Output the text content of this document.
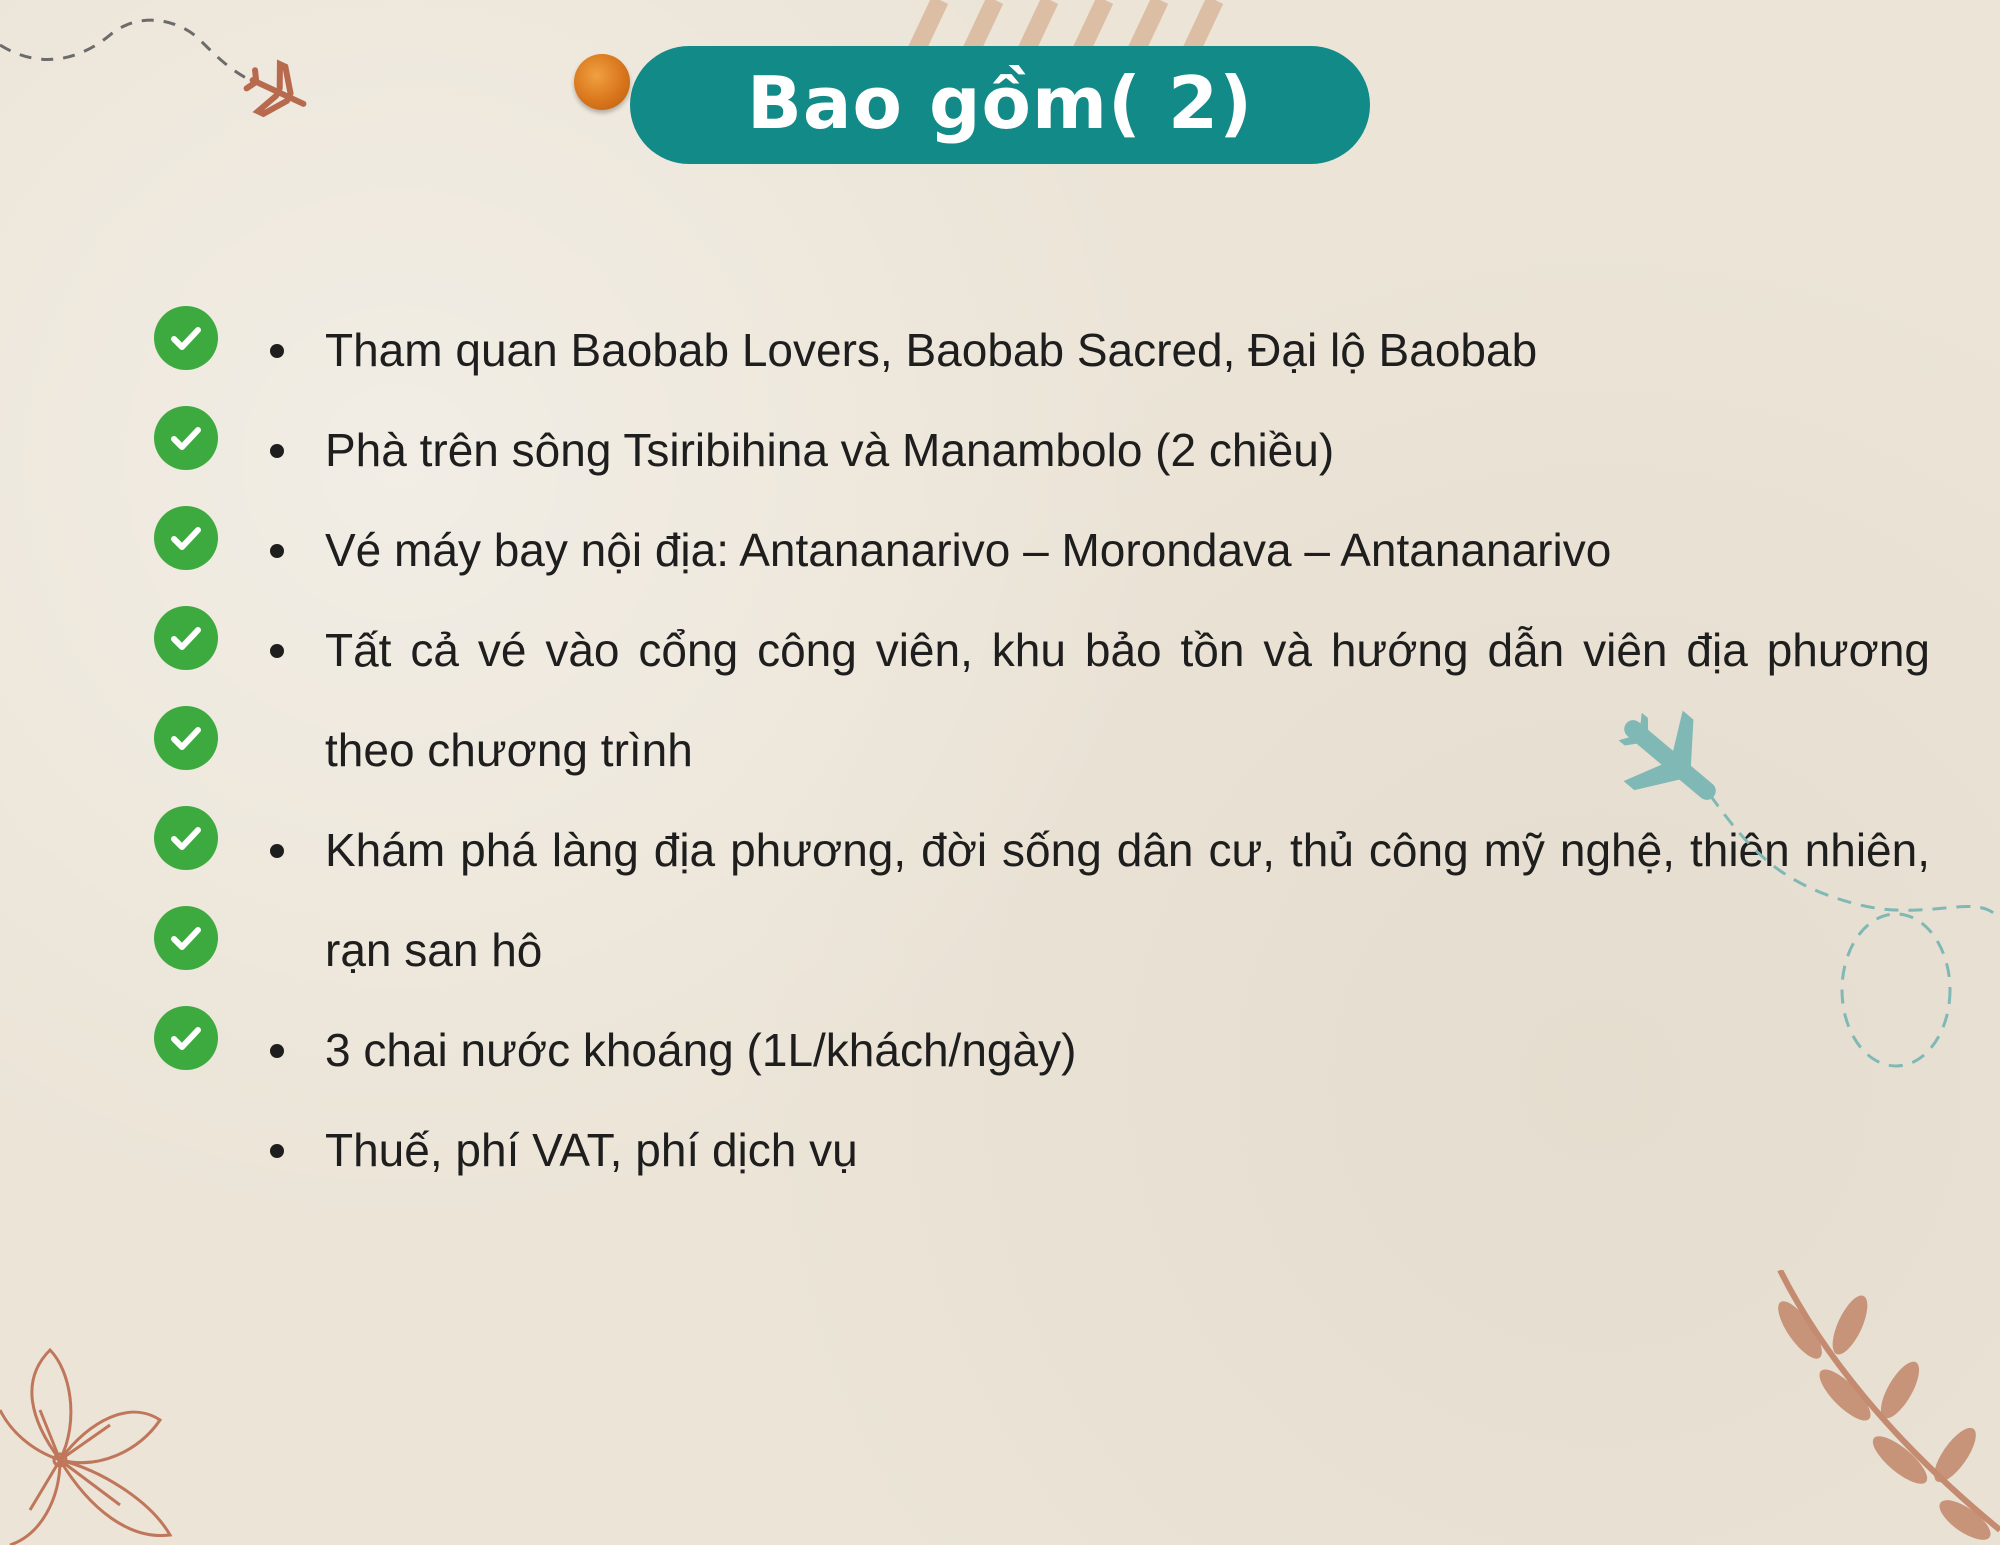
Bao gồm( 2)
Tham quan Baobab Lovers, Baobab Sacred, Đại lộ Baobab
Phà trên sông Tsiribihina và Manambolo (2 chiều)
Vé máy bay nội địa: Antananarivo – Morondava – Antananarivo
Tất cả vé vào cổng công viên, khu bảo tồn và hướng dẫn viên địa phương theo chương trình
Khám phá làng địa phương, đời sống dân cư, thủ công mỹ nghệ, thiên nhiên, rạn san hô
3 chai nước khoáng (1L/khách/ngày)
Thuế, phí VAT, phí dịch vụ
